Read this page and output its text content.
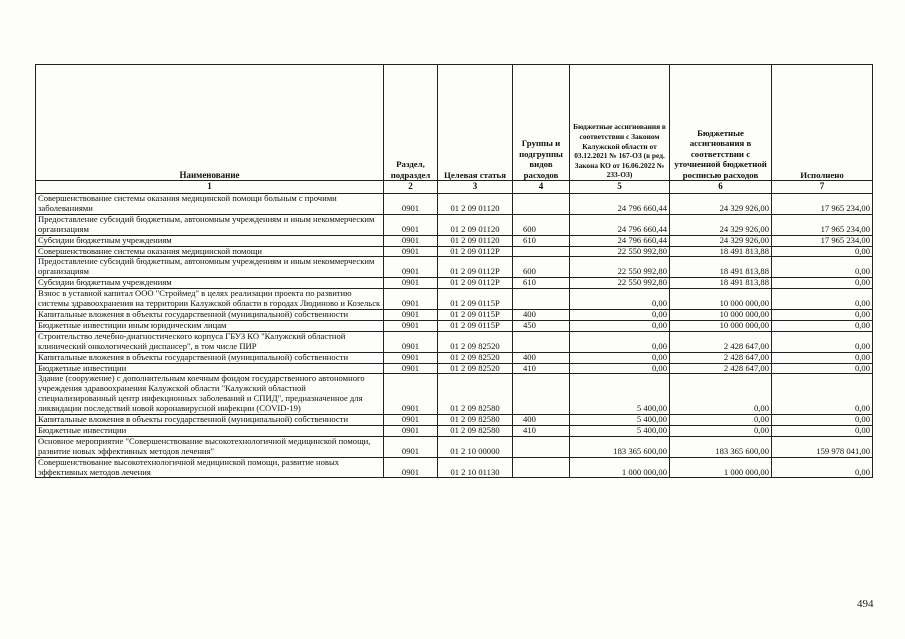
Наименование	Раздел, подраздел	Целевая статья	Группы и подгруппы видов расходов	Бюджетные ассигнования в соответствии с Законом Калужской области от 03.12.2021 № 167-ОЗ (в ред. Закона КО от 16.06.2022 № 233-ОЗ)	Бюджетные ассигнования в соответствии с уточненной бюджетной росписью расходов	Исполнено
1	2	3	4	5	6	7
Совершенствование системы оказания медицинской помощи больным с прочими заболеваниями	0901	01 2 09 01120		24 796 660,44	24 329 926,00	17 965 234,00
Предоставление субсидий бюджетным, автономным учреждениям и иным некоммерческим организациям	0901	01 2 09 01120	600	24 796 660,44	24 329 926,00	17 965 234,00
Субсидии бюджетным учреждениям	0901	01 2 09 01120	610	24 796 660,44	24 329 926,00	17 965 234,00
Совершенствование системы оказания медицинской помощи	0901	01 2 09 0112Р		22 550 992,80	18 491 813,88	0,00
Предоставление субсидий бюджетным, автономным учреждениям и иным некоммерческим организациям	0901	01 2 09 0112Р	600	22 550 992,80	18 491 813,88	0,00
Субсидии бюджетным учреждениям	0901	01 2 09 0112Р	610	22 550 992,80	18 491 813,88	0,00
Взнос в уставной капитал ООО "Строймед" в целях реализации проекта по развитию системы здравоохранения на территории Калужской области в городах Людиново и Козельск	0901	01 2 09 0115Р		0,00	10 000 000,00	0,00
Капитальные вложения в объекты государственной (муниципальной) собственности	0901	01 2 09 0115Р	400	0,00	10 000 000,00	0,00
Бюджетные инвестиции иным юридическим лицам	0901	01 2 09 0115Р	450	0,00	10 000 000,00	0,00
Строительство лечебно-диагностического корпуса ГБУЗ КО "Калужский областной клинический онкологический диспансер", в том числе ПИР	0901	01 2 09 82520		0,00	2 428 647,00	0,00
Капитальные вложения в объекты государственной (муниципальной) собственности	0901	01 2 09 82520	400	0,00	2 428 647,00	0,00
Бюджетные инвестиции	0901	01 2 09 82520	410	0,00	2 428 647,00	0,00
Здание (сооружение) с дополнительным коечным фондом государственного автономного учреждения здравоохранения Калужской области "Калужский областной специализированный центр инфекционных заболеваний и СПИД", предназначенное для ликвидации последствий новой коронавирусной инфекции (COVID-19)	0901	01 2 09 82580		5 400,00	0,00	0,00
Капитальные вложения в объекты государственной (муниципальной) собственности	0901	01 2 09 82580	400	5 400,00	0,00	0,00
Бюджетные инвестиции	0901	01 2 09 82580	410	5 400,00	0,00	0,00
Основное мероприятие "Совершенствование высокотехнологичной медицинской помощи, развитие новых эффективных методов лечения"	0901	01 2 10 00000		183 365 600,00	183 365 600,00	159 978 041,00
Совершенствование высокотехнологичной медицинской помощи, развитие новых эффективных методов лечения	0901	01 2 10 01130		1 000 000,00	1 000 000,00	0,00
494
